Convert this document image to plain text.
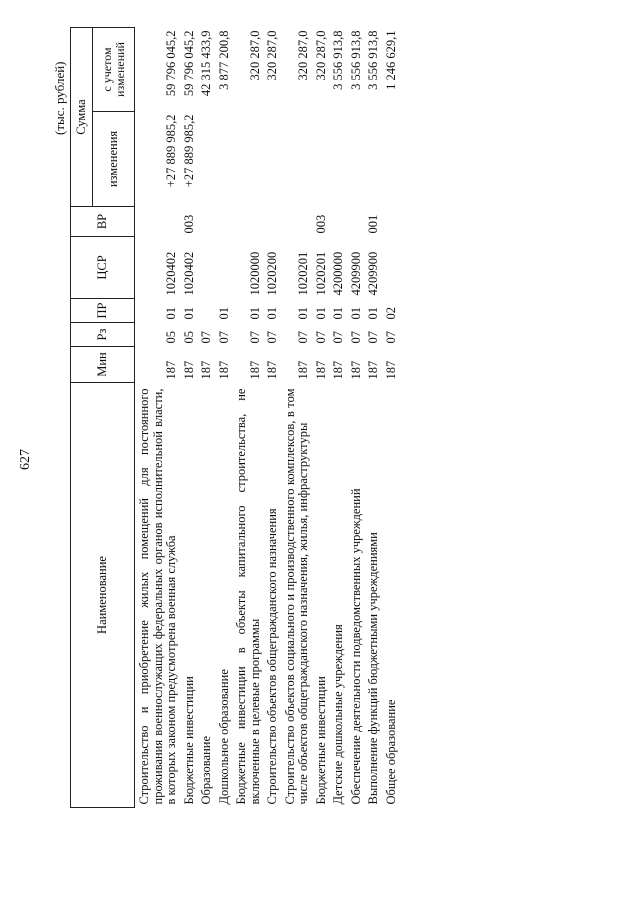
627
(тыс. рублей)
Наименование	Мин	Рз	ПР	ЦСР	ВР	Сумма	
						изменения	с учетом изменений
Строительство и приобретение жилых помещений для постоянного проживания военнослужащих федеральных органов исполнительной власти, в которых законом предусмотрена военная служба	187	05	01	1020402		+27 889 985,2	59 796 045,2
Бюджетные инвестиции	187	05	01	1020402	003	+27 889 985,2	59 796 045,2
Образование	187	07					42 315 433,9
Дошкольное образование	187	07	01				3 877 200,8
Бюджетные инвестиции в объекты капитального строительства, не включенные в целевые программы	187	07	01	1020000			320 287,0
Строительство объектов общегражданского назначения	187	07	01	1020200			320 287,0
Строительство объектов социального и производственного комплексов, в том числе объектов общегражданского назначения, жилья, инфраструктуры	187	07	01	1020201			320 287,0
Бюджетные инвестиции	187	07	01	1020201	003		320 287,0
Детские дошкольные учреждения	187	07	01	4200000			3 556 913,8
Обеспечение деятельности подведомственных учреждений	187	07	01	4209900			3 556 913,8
Выполнение функций бюджетными учреждениями	187	07	01	4209900	001		3 556 913,8
Общее образование	187	07	02				1 246 629,1
